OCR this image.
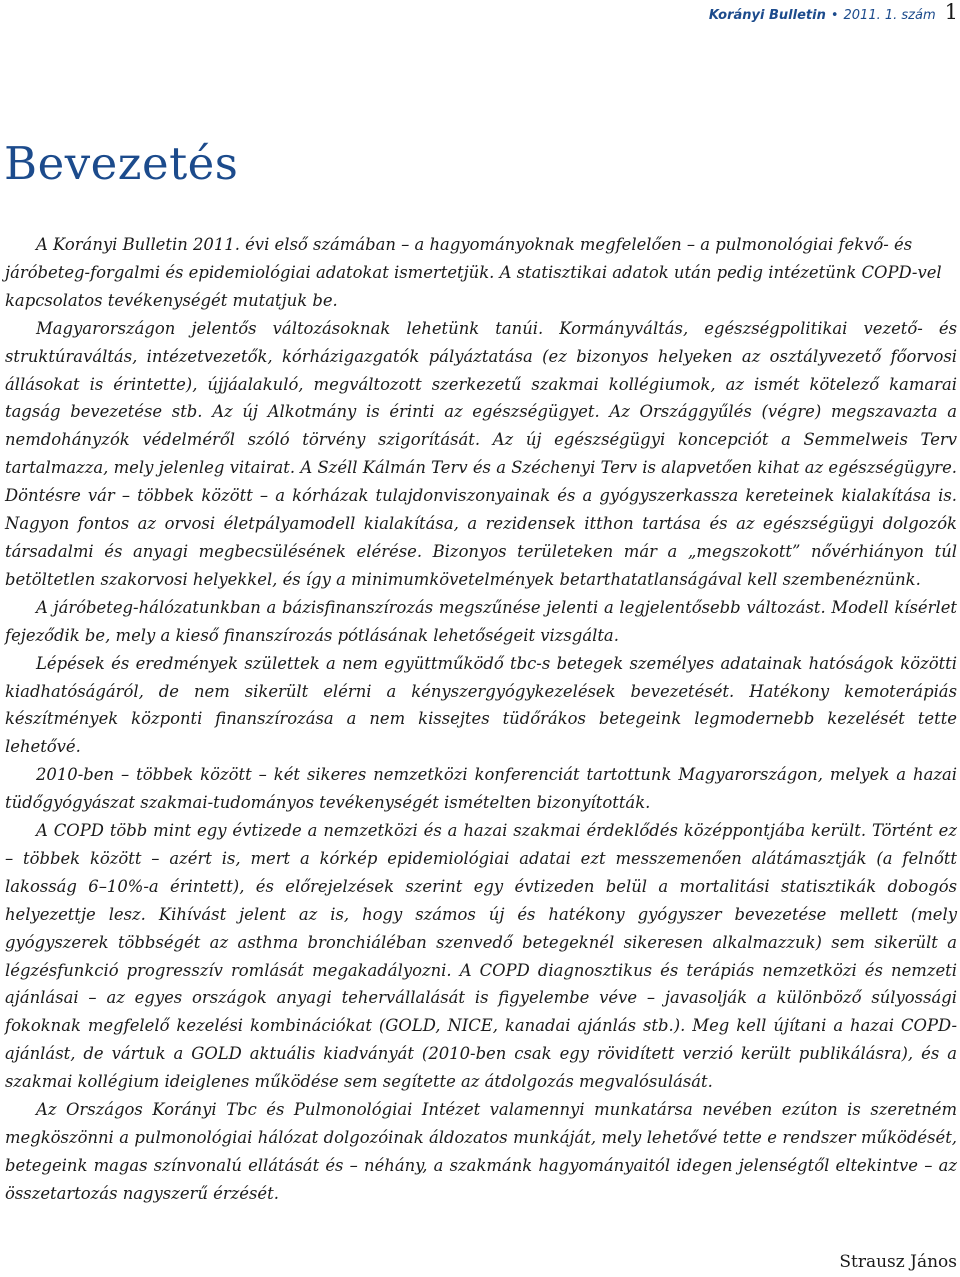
Korányi Bulletin • 2011. 1. szám 1
Bevezetés

A Korányi Bulletin 2011. évi első számában – a hagyományoknak megfelelően – a pulmonológiai fekvő- és járóbeteg-forgalmi és epidemiológiai adatokat ismertetjük. A statisztikai adatok után pedig intézetünk COPD-vel kapcsolatos tevékenységét mutatjuk be.

Magyarországon jelentős változásoknak lehetünk tanúi. Kormányváltás, egészségpolitikai vezető- és struktúraváltás, intézetvezetők, kórházigazgatók pályáztatása (ez bizonyos helyeken az osztályvezető főorvosi állásokat is érintette), újjáalakuló, megváltozott szerkezetű szakmai kollégiumok, az ismét kötelező kamarai tagság bevezetése stb. Az új Alkotmány is érinti az egészségügyet. Az Országgyűlés (végre) megszavazta a nemdohányzók védelméről szóló törvény szigorítását. Az új egészségügyi koncepciót a Semmelweis Terv tartalmazza, mely jelenleg vitairat. A Széll Kálmán Terv és a Széchenyi Terv is alapvetően kihat az egészségügyre. Döntésre vár – többek között – a kórházak tulajdonviszonyainak és a gyógyszerkassza kereteinek kialakítása is. Nagyon fontos az orvosi életpályamodell kialakítása, a rezidensek itthon tartása és az egészségügyi dolgozók társadalmi és anyagi megbecsülésének elérése. Bizonyos területeken már a „megszokott” nővérhiányon túl betöltetlen szakorvosi helyekkel, és így a minimumkövetelmények betarthatatlanságával kell szembenéznünk.

A járóbeteg-hálózatunkban a bázisfinanszírozás megszűnése jelenti a legjelentősebb változást. Modell kísérlet fejeződik be, mely a kieső finanszírozás pótlásának lehetőségeit vizsgálta.

Lépések és eredmények születtek a nem együttműködő tbc-s betegek személyes adatainak hatóságok közötti kiadhatóságáról, de nem sikerült elérni a kényszergyógykezelések bevezetését. Hatékony kemoterápiás készítmények központi finanszírozása a nem kissejtes tüdőrákos betegeink legmodernebb kezelését tette lehetővé.

2010-ben – többek között – két sikeres nemzetközi konferenciát tartottunk Magyarországon, melyek a hazai tüdőgyógyászat szakmai-tudományos tevékenységét ismételten bizonyították.

A COPD több mint egy évtizede a nemzetközi és a hazai szakmai érdeklődés középpontjába került. Történt ez – többek között – azért is, mert a kórkép epidemiológiai adatai ezt messzemenően alátámasztják (a felnőtt lakosság 6–10%-a érintett), és előrejelzések szerint egy évtizeden belül a mortalitási statisztikák dobogós helyezettje lesz. Kihívást jelent az is, hogy számos új és hatékony gyógyszer bevezetése mellett (mely gyógyszerek többségét az asthma bronchiáléban szenvedő betegeknél sikeresen alkalmazzuk) sem sikerült a légzésfunkció progresszív romlását megakadályozni. A COPD diagnosztikus és terápiás nemzetközi és nemzeti ajánlásai – az egyes országok anyagi tehervállalását is figyelembe véve – javasolják a különböző súlyossági fokoknak megfelelő kezelési kombinációkat (GOLD, NICE, kanadai ajánlás stb.). Meg kell újítani a hazai COPD-ajánlást, de vártuk a GOLD aktuális kiadványát (2010-ben csak egy rövidített verzió került publikálásra), és a szakmai kollégium ideiglenes működése sem segítette az átdolgozás megvalósulását.

Az Országos Korányi Tbc és Pulmonológiai Intézet valamennyi munkatársa nevében ezúton is szeretném megköszönni a pulmonológiai hálózat dolgozóinak áldozatos munkáját, mely lehetővé tette e rendszer működését, betegeink magas színvonalú ellátását és – néhány, a szakmánk hagyományaitól idegen jelenségtől eltekintve – az összetartozás nagyszerű érzését.

Strausz János
